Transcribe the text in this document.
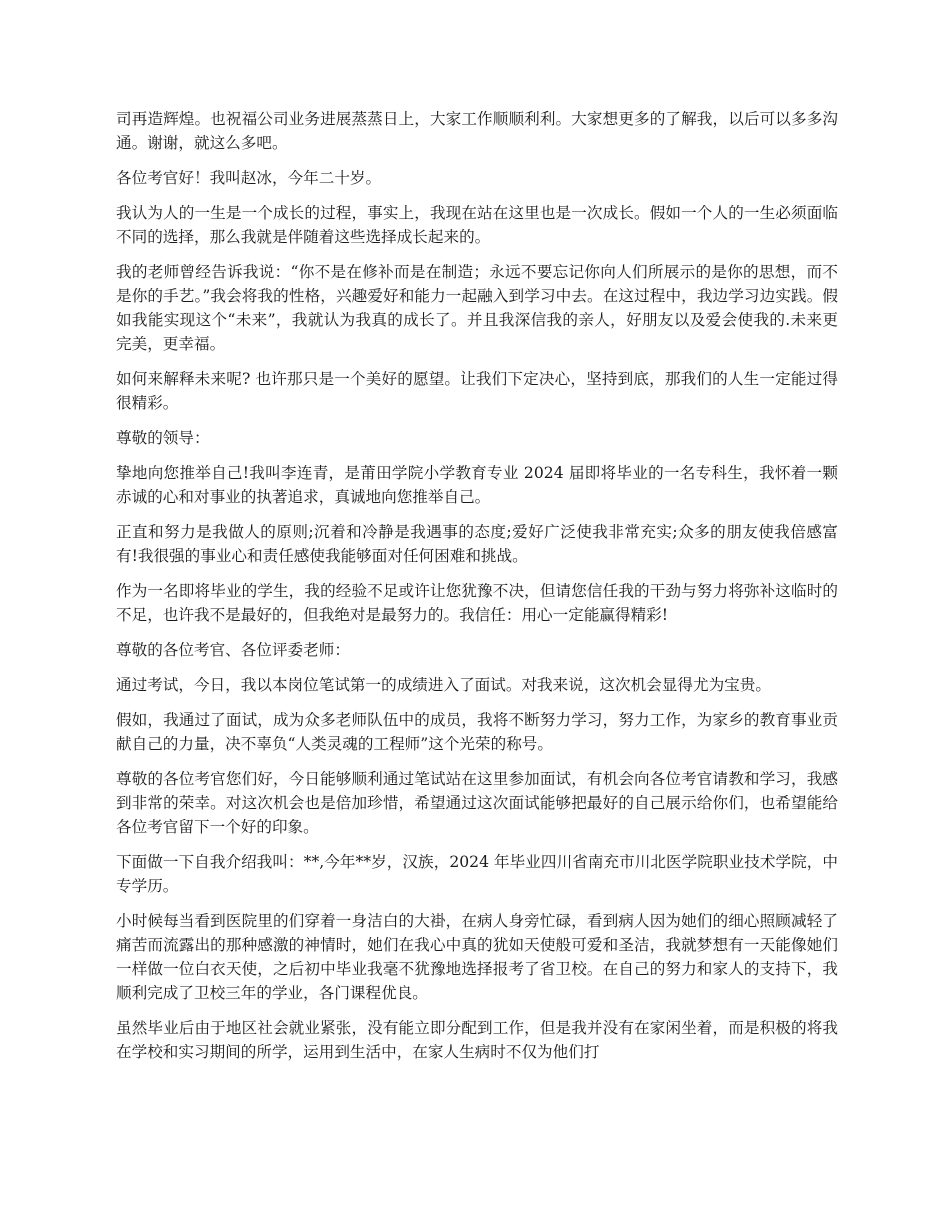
司再造辉煌。也祝福公司业务进展蒸蒸日上，大家工作顺顺利利。大家想更多的了解我，以后可以多多沟通。谢谢，就这么多吧。

各位考官好！我叫赵冰，今年二十岁。

我认为人的一生是一个成长的过程，事实上，我现在站在这里也是一次成长。假如一个人的一生必须面临不同的选择，那么我就是伴随着这些选择成长起来的。

我的老师曾经告诉我说：“你不是在修补而是在制造；永远不要忘记你向人们所展示的是你的思想，而不是你的手艺。”我会将我的性格，兴趣爱好和能力一起融入到学习中去。在这过程中，我边学习边实践。假如我能实现这个“未来”，我就认为我真的成长了。并且我深信我的亲人，好朋友以及爱会使我的.未来更完美，更幸福。

如何来解释未来呢? 也许那只是一个美好的愿望。让我们下定决心，坚持到底，那我们的人生一定能过得很精彩。

尊敬的领导：

挚地向您推举自己!我叫李连青，是莆田学院小学教育专业 2024 届即将毕业的一名专科生，我怀着一颗赤诚的心和对事业的执著追求，真诚地向您推举自己。

正直和努力是我做人的原则;沉着和冷静是我遇事的态度;爱好广泛使我非常充实;众多的朋友使我倍感富有!我很强的事业心和责任感使我能够面对任何困难和挑战。

作为一名即将毕业的学生，我的经验不足或许让您犹豫不决，但请您信任我的干劲与努力将弥补这临时的不足，也许我不是最好的，但我绝对是最努力的。我信任：用心一定能赢得精彩!

尊敬的各位考官、各位评委老师：

通过考试，今日，我以本岗位笔试第一的成绩进入了面试。对我来说，这次机会显得尤为宝贵。

假如，我通过了面试，成为众多老师队伍中的成员，我将不断努力学习，努力工作，为家乡的教育事业贡献自己的力量，决不辜负“人类灵魂的工程师”这个光荣的称号。

尊敬的各位考官您们好，今日能够顺利通过笔试站在这里参加面试，有机会向各位考官请教和学习，我感到非常的荣幸。对这次机会也是倍加珍惜，希望通过这次面试能够把最好的自己展示给你们，也希望能给各位考官留下一个好的印象。

下面做一下自我介绍我叫：**,今年**岁，汉族，2024 年毕业四川省南充市川北医学院职业技术学院，中专学历。

小时候每当看到医院里的们穿着一身洁白的大褂，在病人身旁忙碌，看到病人因为她们的细心照顾减轻了痛苦而流露出的那种感激的神情时，她们在我心中真的犹如天使般可爱和圣洁，我就梦想有一天能像她们一样做一位白衣天使，之后初中毕业我毫不犹豫地选择报考了省卫校。在自己的努力和家人的支持下，我顺利完成了卫校三年的学业，各门课程优良。

虽然毕业后由于地区社会就业紧张，没有能立即分配到工作，但是我并没有在家闲坐着，而是积极的将我在学校和实习期间的所学，运用到生活中，在家人生病时不仅为他们打
